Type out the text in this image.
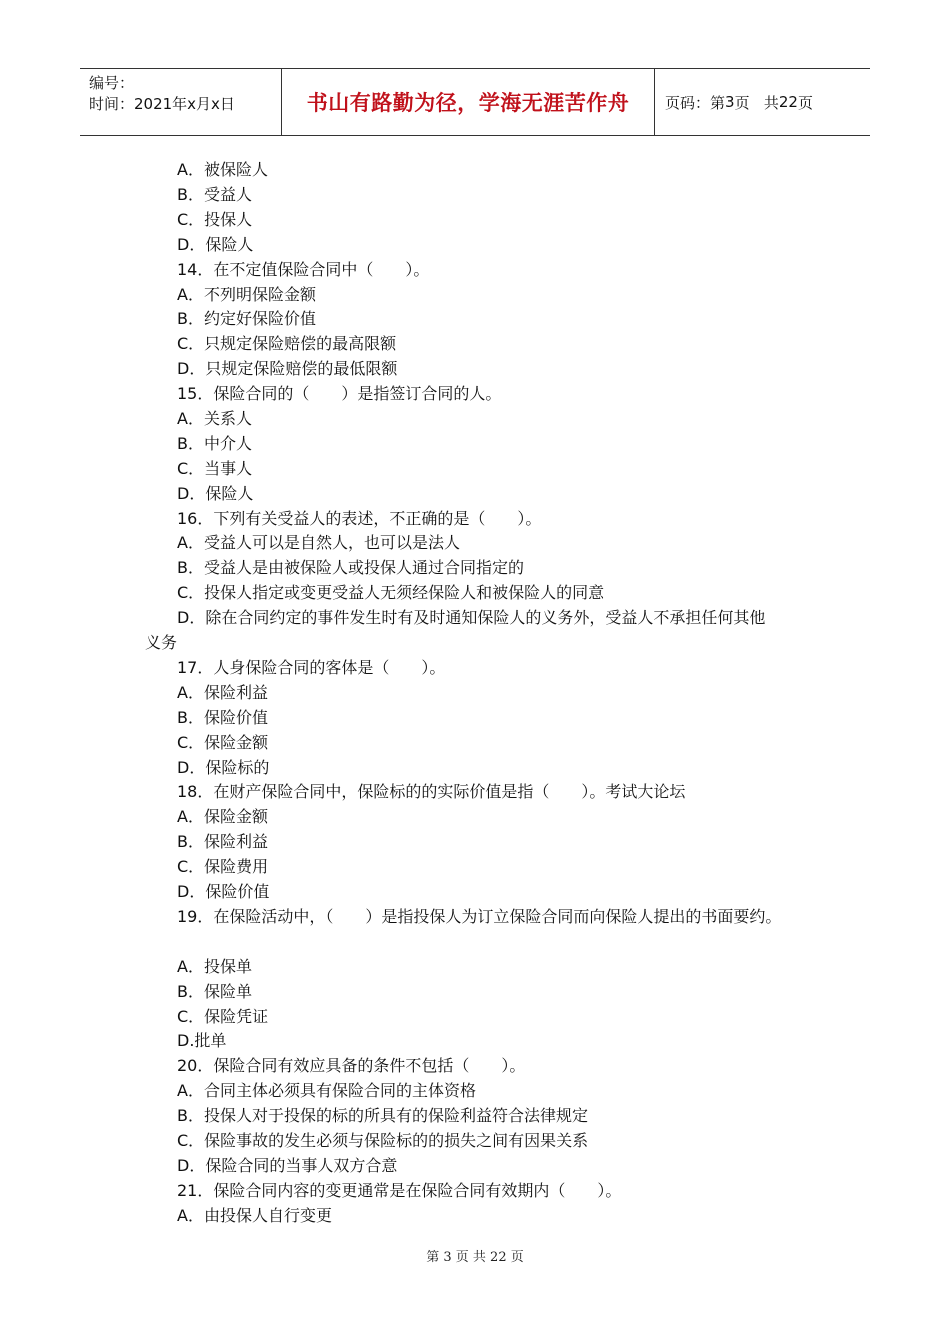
编号：
时间：2021年x月x日	书山有路勤为径，学海无涯苦作舟 页码：第 3 页   共 22 页
A．被保险人
B．受益人
C．投保人
D．保险人
14．在不定值保险合同中（　　）。
A．不列明保险金额
B．约定好保险价值
C．只规定保险赔偿的最高限额
D．只规定保险赔偿的最低限额
15．保险合同的（　　）是指签订合同的人。
A．关系人
B．中介人
C．当事人
D．保险人
16．下列有关受益人的表述，不正确的是（　　）。
A．受益人可以是自然人，也可以是法人
B．受益人是由被保险人或投保人通过合同指定的
C．投保人指定或变更受益人无须经保险人和被保险人的同意
D．除在合同约定的事件发生时有及时通知保险人的义务外，受益人不承担任何其他
义务
17．人身保险合同的客体是（　　）。
A．保险利益
B．保险价值
C．保险金额
D．保险标的
18．在财产保险合同中，保险标的的实际价值是指（　　）。考试大论坛
A．保险金额
B．保险利益
C．保险费用
D．保险价值
19．在保险活动中，（　　）是指投保人为订立保险合同而向保险人提出的书面要约。
A．投保单
B．保险单
C．保险凭证
D.批单
20．保险合同有效应具备的条件不包括（　　）。
A．合同主体必须具有保险合同的主体资格
B．投保人对于投保的标的所具有的保险利益符合法律规定
C．保险事故的发生必须与保险标的的损失之间有因果关系
D．保险合同的当事人双方合意
21．保险合同内容的变更通常是在保险合同有效期内（　　）。
A．由投保人自行变更
第 3 页 共 22 页
